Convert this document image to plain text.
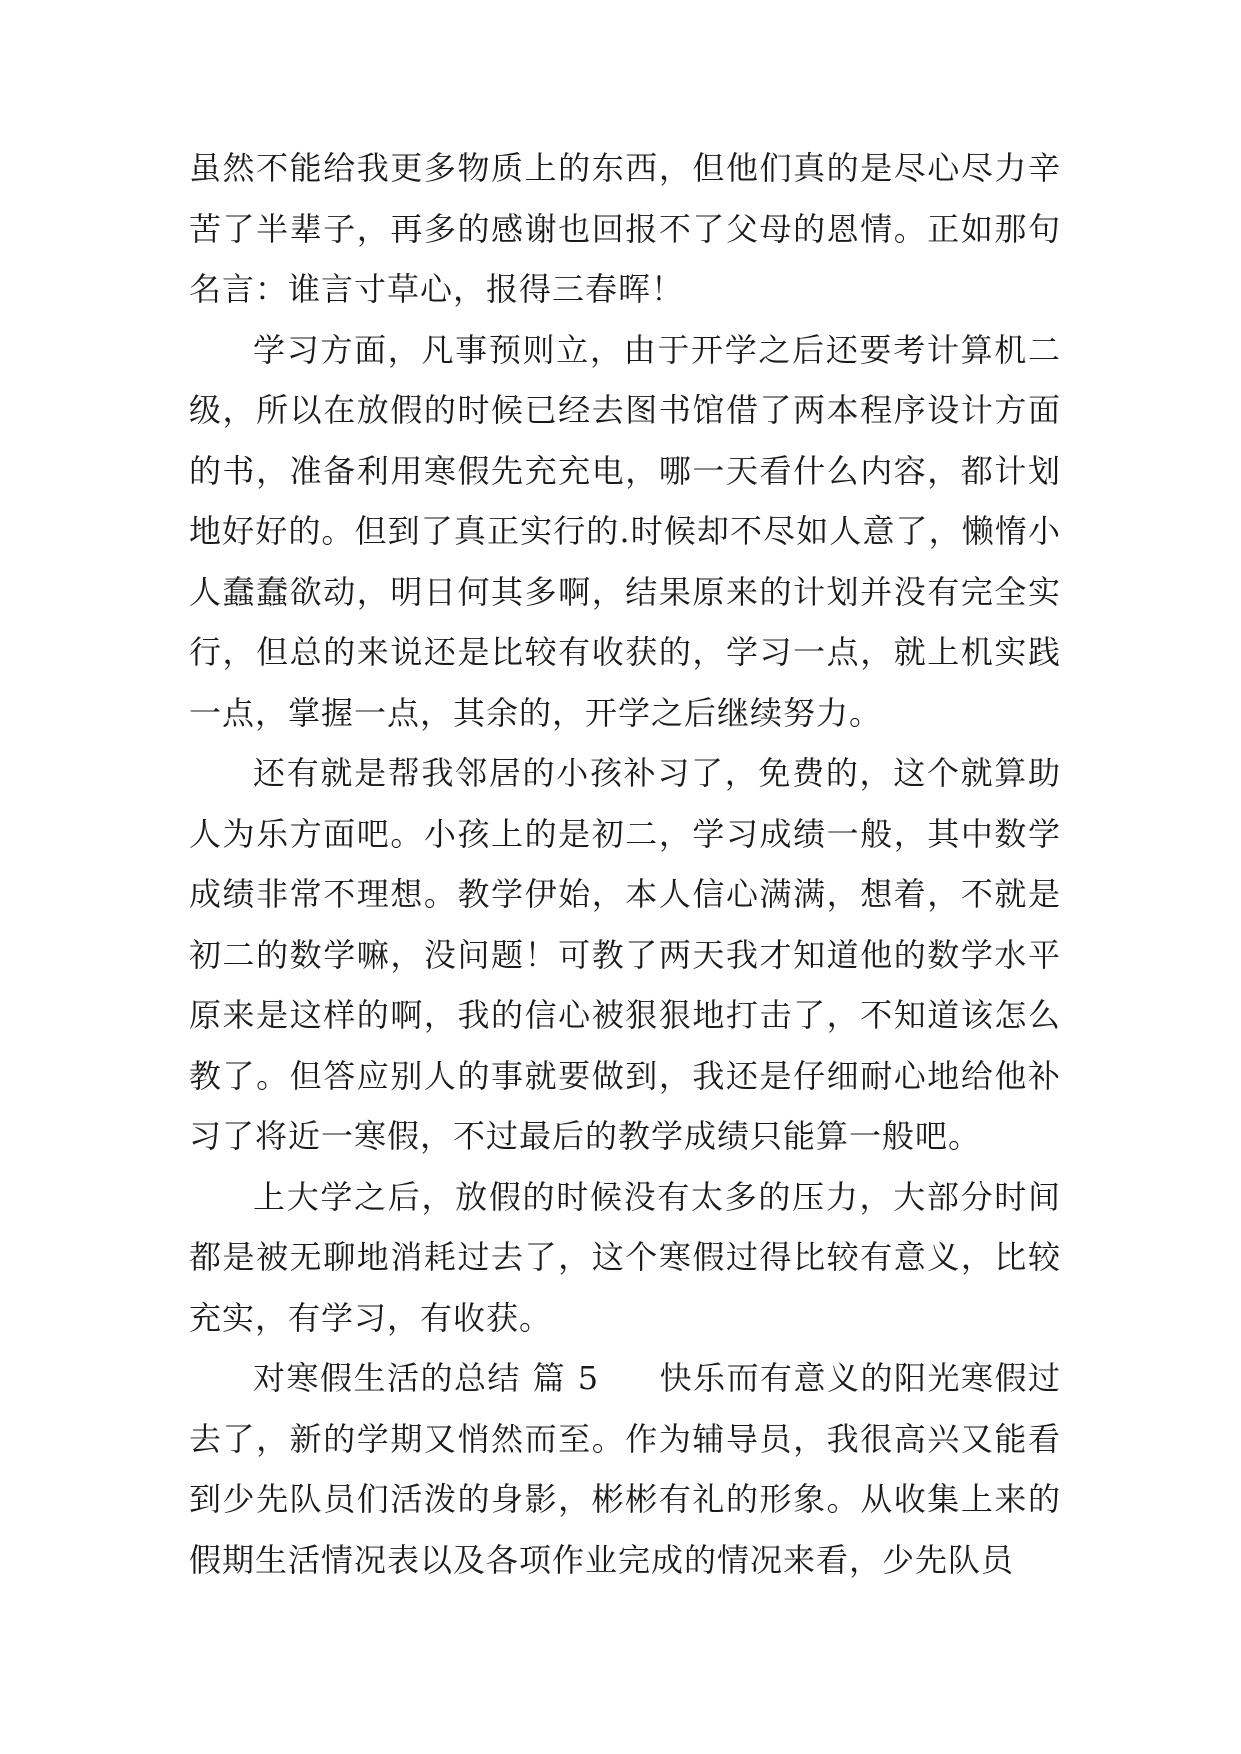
虽然不能给我更多物质上的东西，但他们真的是尽心尽力辛苦了半辈子，再多的感谢也回报不了父母的恩情。正如那句名言：谁言寸草心，报得三春晖！

学习方面，凡事预则立，由于开学之后还要考计算机二级，所以在放假的时候已经去图书馆借了两本程序设计方面的书，准备利用寒假先充充电，哪一天看什么内容，都计划地好好的。但到了真正实行的.时候却不尽如人意了，懒惰小人蠢蠢欲动，明日何其多啊，结果原来的计划并没有完全实行，但总的来说还是比较有收获的，学习一点，就上机实践一点，掌握一点，其余的，开学之后继续努力。

还有就是帮我邻居的小孩补习了，免费的，这个就算助人为乐方面吧。小孩上的是初二，学习成绩一般，其中数学成绩非常不理想。教学伊始，本人信心满满，想着，不就是初二的数学嘛，没问题！可教了两天我才知道他的数学水平原来是这样的啊，我的信心被狠狠地打击了，不知道该怎么教了。但答应别人的事就要做到，我还是仔细耐心地给他补习了将近一寒假，不过最后的教学成绩只能算一般吧。

上大学之后，放假的时候没有太多的压力，大部分时间都是被无聊地消耗过去了，这个寒假过得比较有意义，比较充实，有学习，有收获。

对寒假生活的总结 篇 5 快乐而有意义的阳光寒假过去了，新的学期又悄然而至。作为辅导员，我很高兴又能看到少先队员们活泼的身影，彬彬有礼的形象。从收集上来的假期生活情况表以及各项作业完成的情况来看，少先队员
